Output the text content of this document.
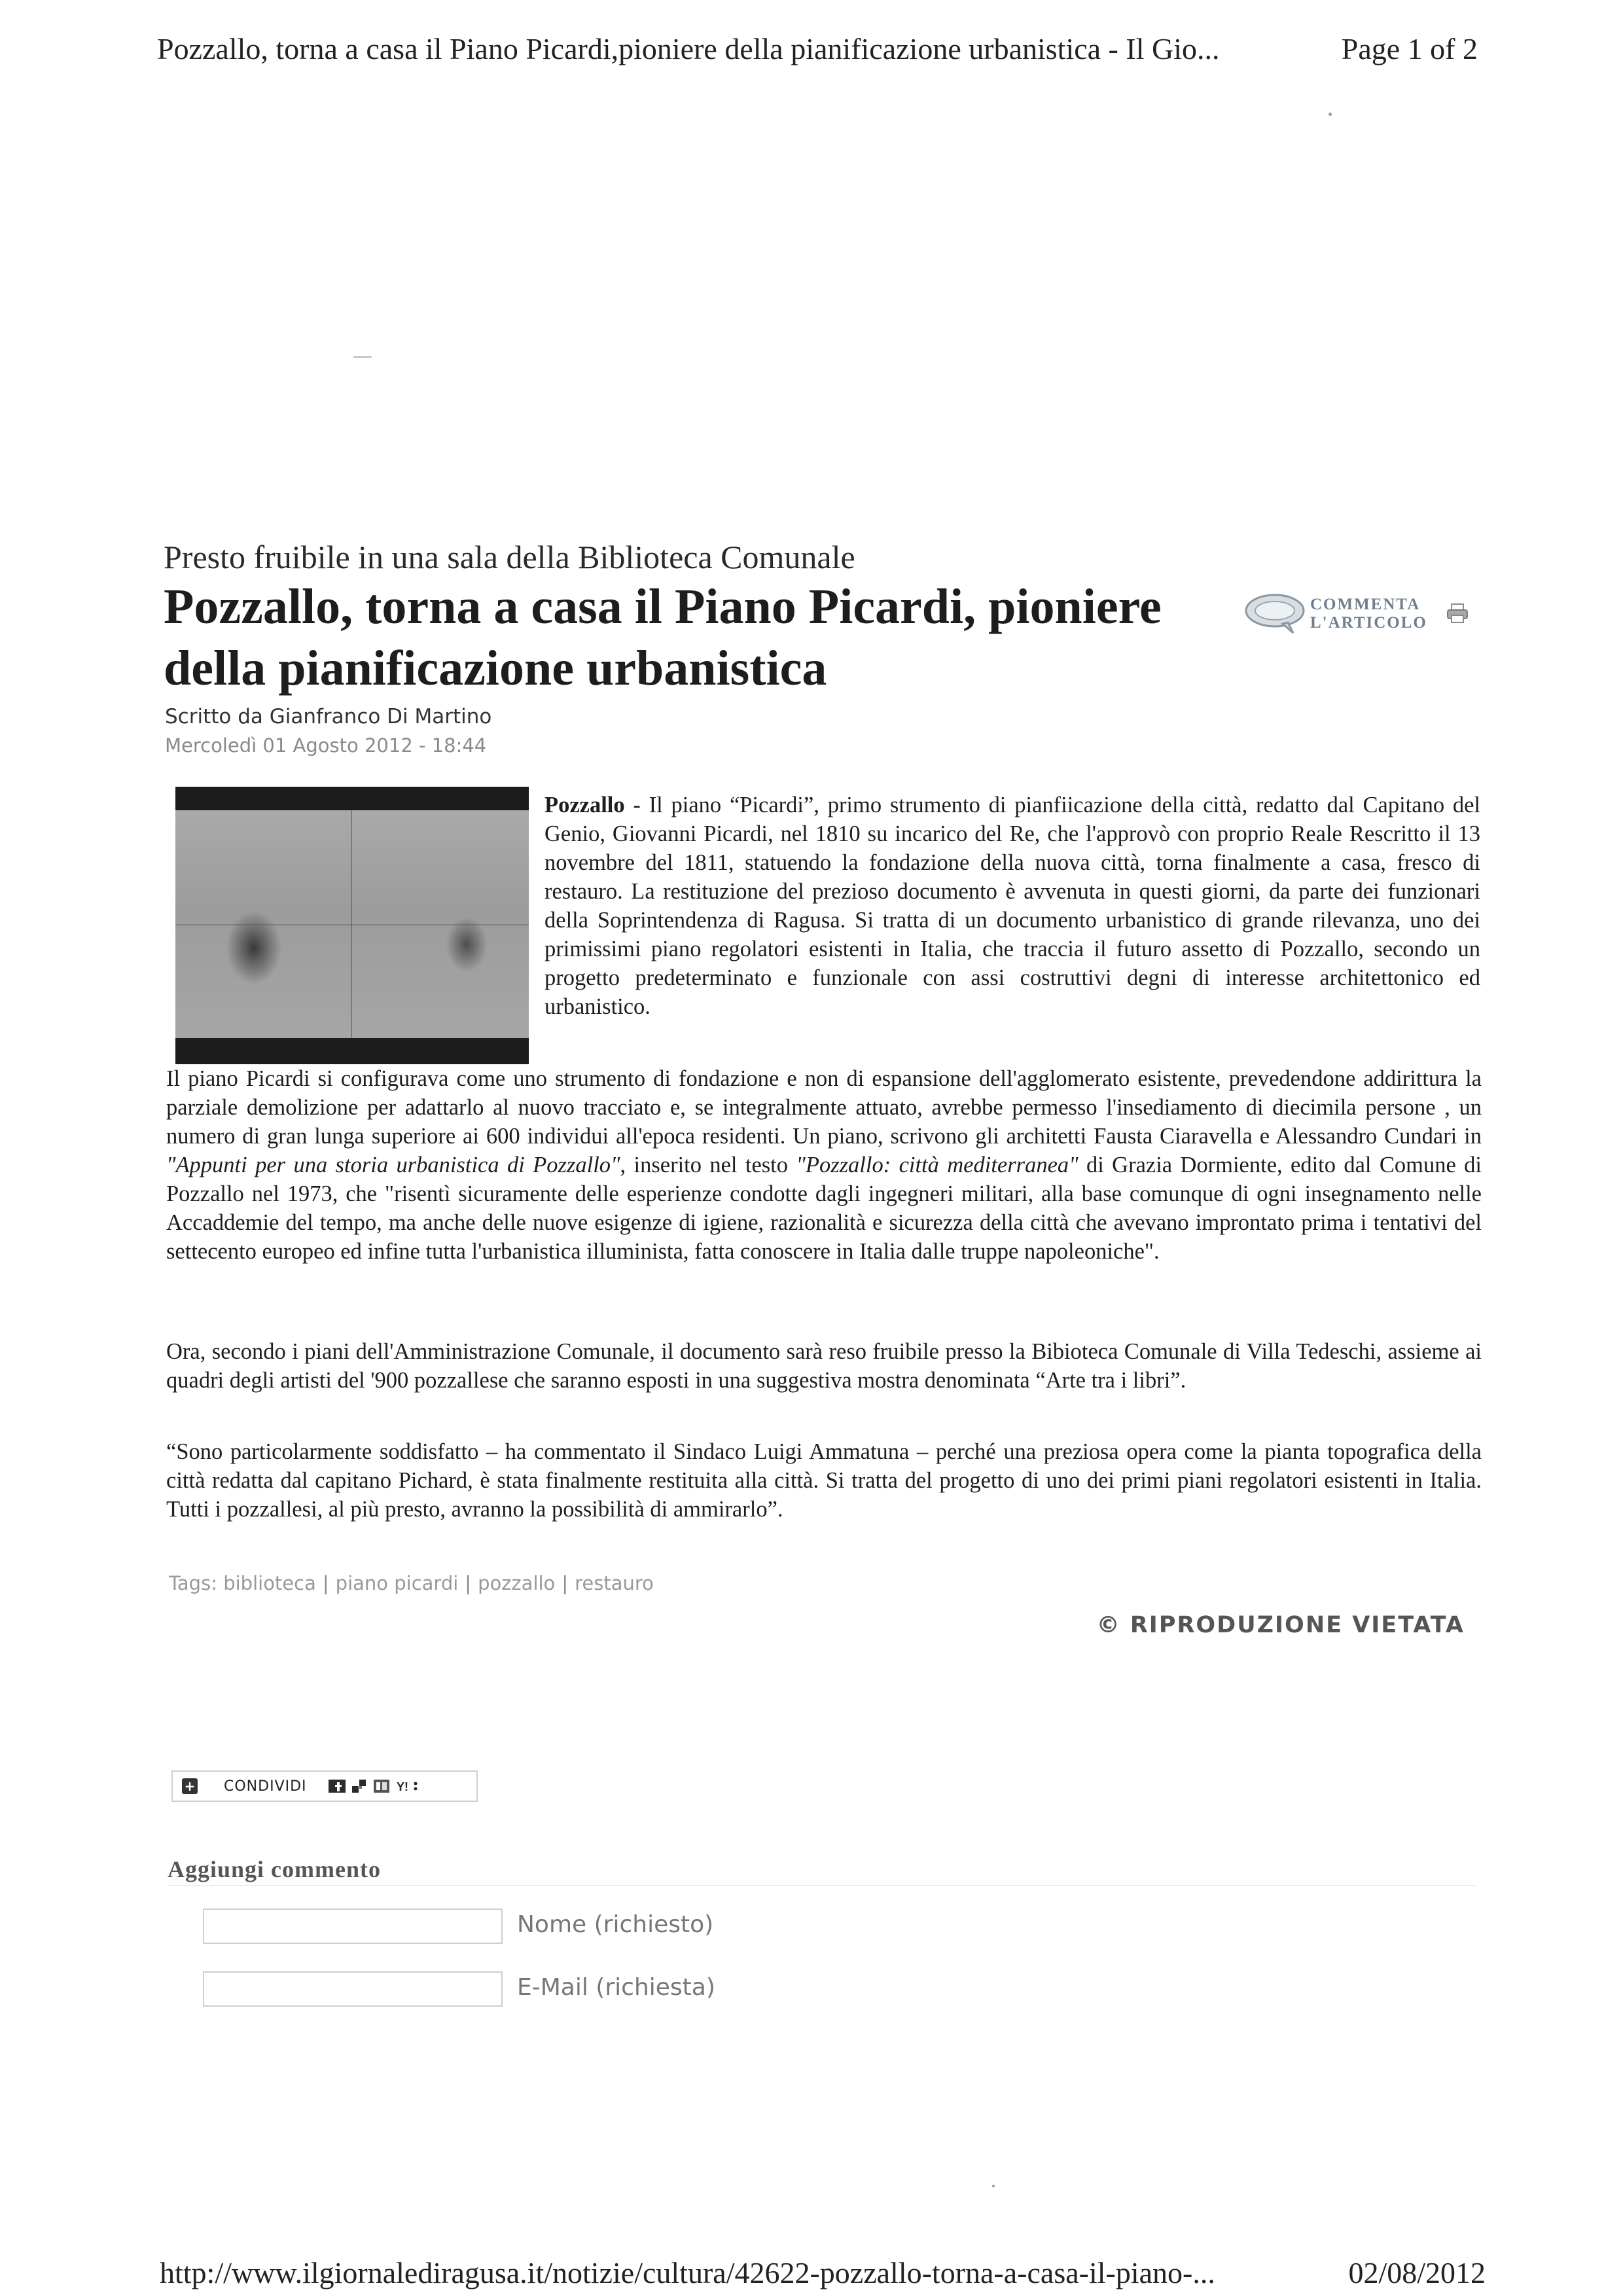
Pozzallo, torna a casa il Piano Picardi,pioniere della pianificazione urbanistica - Il Gio...	Page 1 of 2
Presto fruibile in una sala della Biblioteca Comunale
Pozzallo, torna a casa il Piano Picardi, pioniere della pianificazione urbanistica
COMMENTA
L'ARTICOLO
Scritto da Gianfranco Di Martino
Mercoledì 01 Agosto 2012 - 18:44
Pozzallo - Il piano “Picardi”, primo strumento di pianfiicazione della città, redatto dal Capitano del Genio, Giovanni Picardi, nel 1810 su incarico del Re, che l'approvò con proprio Reale Rescritto il 13 novembre del 1811, statuendo la fondazione della nuova città, torna finalmente a casa, fresco di restauro. La restituzione del prezioso documento è avvenuta in questi giorni, da parte dei funzionari della Soprintendenza di Ragusa. Si tratta di un documento urbanistico di grande rilevanza, uno dei primissimi piano regolatori esistenti in Italia, che traccia il futuro assetto di Pozzallo, secondo un progetto predeterminato e funzionale con assi costruttivi degni di interesse architettonico ed urbanistico.
Il piano Picardi si configurava come uno strumento di fondazione e non di espansione dell'agglomerato esistente, prevedendone addirittura la parziale demolizione per adattarlo al nuovo tracciato e, se integralmente attuato, avrebbe permesso l'insediamento di diecimila persone , un numero di gran lunga superiore ai 600 individui all'epoca residenti. Un piano, scrivono gli architetti Fausta Ciaravella e Alessandro Cundari in "Appunti per una storia urbanistica di Pozzallo", inserito nel testo "Pozzallo: città mediterranea" di Grazia Dormiente, edito dal Comune di Pozzallo nel 1973, che "risentì sicuramente delle esperienze condotte dagli ingegneri militari, alla base comunque di ogni insegnamento nelle Accaddemie del tempo, ma anche delle nuove esigenze di igiene, razionalità e sicurezza della città che avevano improntato prima i tentativi del settecento europeo ed infine tutta l'urbanistica illuminista, fatta conoscere in Italia dalle truppe napoleoniche".
Ora, secondo i piani dell'Amministrazione Comunale, il documento sarà reso fruibile presso la Bibioteca Comunale di Villa Tedeschi, assieme ai quadri degli artisti del '900 pozzallese che saranno esposti in una suggestiva mostra denominata “Arte tra i libri”.
“Sono particolarmente soddisfatto – ha commentato il Sindaco Luigi Ammatuna – perché una preziosa opera come la pianta topografica della città redatta dal capitano Pichard, è stata finalmente restituita alla città. Si tratta del progetto di uno dei primi piani regolatori esistenti in Italia. Tutti i pozzallesi, al più presto, avranno la possibilità di ammirarlo”.
Tags: biblioteca | piano picardi | pozzallo | restauro
© RIPRODUZIONE VIETATA
+ CONDIVIDI	Y!
Aggiungi commento
Nome (richiesto)
E-Mail (richiesta)
http://www.ilgiornalediragusa.it/notizie/cultura/42622-pozzallo-torna-a-casa-il-piano-...	02/08/2012
